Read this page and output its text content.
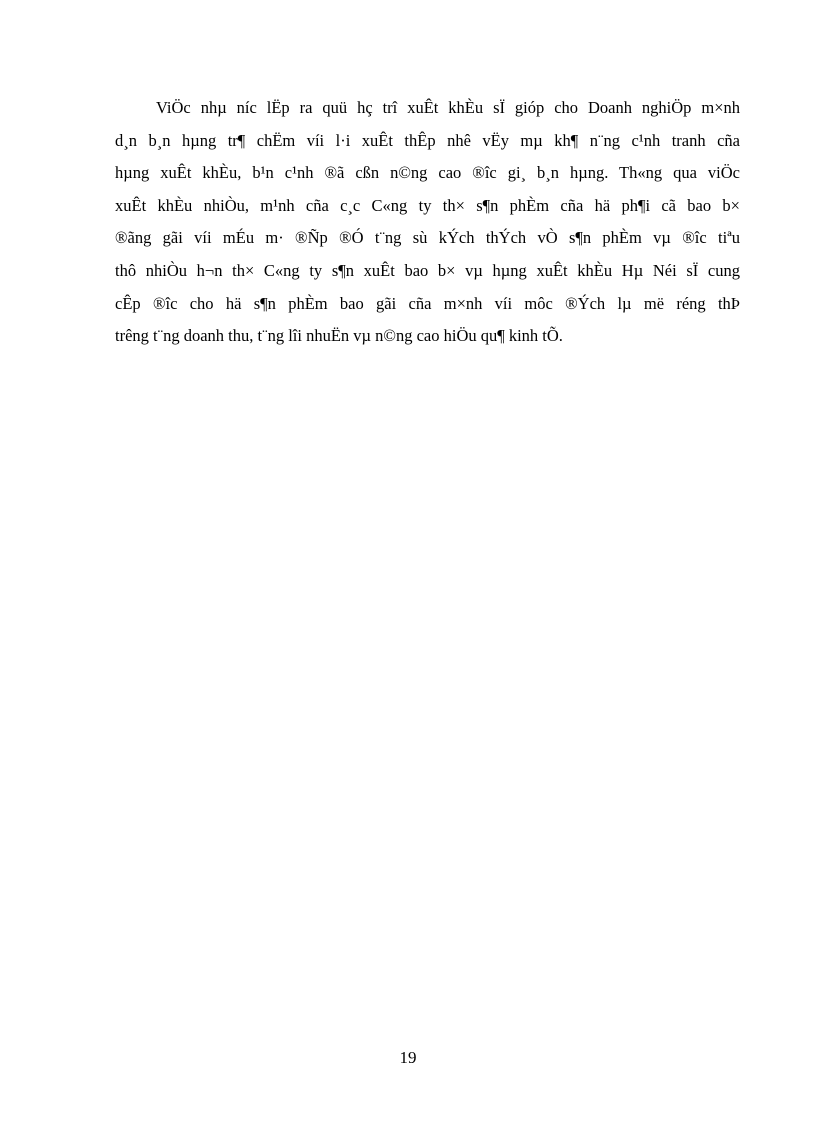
ViÖc nhµ níc lËp ra quü hç trî xuÊt khÈu sÏ gióp cho Doanh nghiÖp m×nh
d¸n b¸n hµng tr¶ chËm víi l·i xuÊt thÊp nhê vËy mµ kh¶ n¨ng c¹nh tranh cña
hµng xuÊt khÈu, b¹n c¹nh ®ã cßn n©ng cao ®îc gi¸ b¸n hµng. Th«ng qua viÖc
xuÊt khÈu nhiÒu, m¹nh cña c¸c C«ng ty th× s¶n phÈm cña hä ph¶i cã bao b×
®ãng gãi víi mÉu m· ®Ñp ®Ó t¨ng sù kÝch thÝch vÒ s¶n phÈm vµ ®îc tiªu
thô nhiÒu h¬n th× C«ng ty s¶n xuÊt bao b× vµ hµng xuÊt khÈu Hµ Néi sÏ cung
cÊp ®îc cho hä s¶n phÈm bao gãi cña m×nh víi môc ®Ých lµ më réng thÞ
trêng t¨ng doanh thu, t¨ng lîi nhuËn vµ n©ng cao hiÖu qu¶ kinh tÕ.

19
